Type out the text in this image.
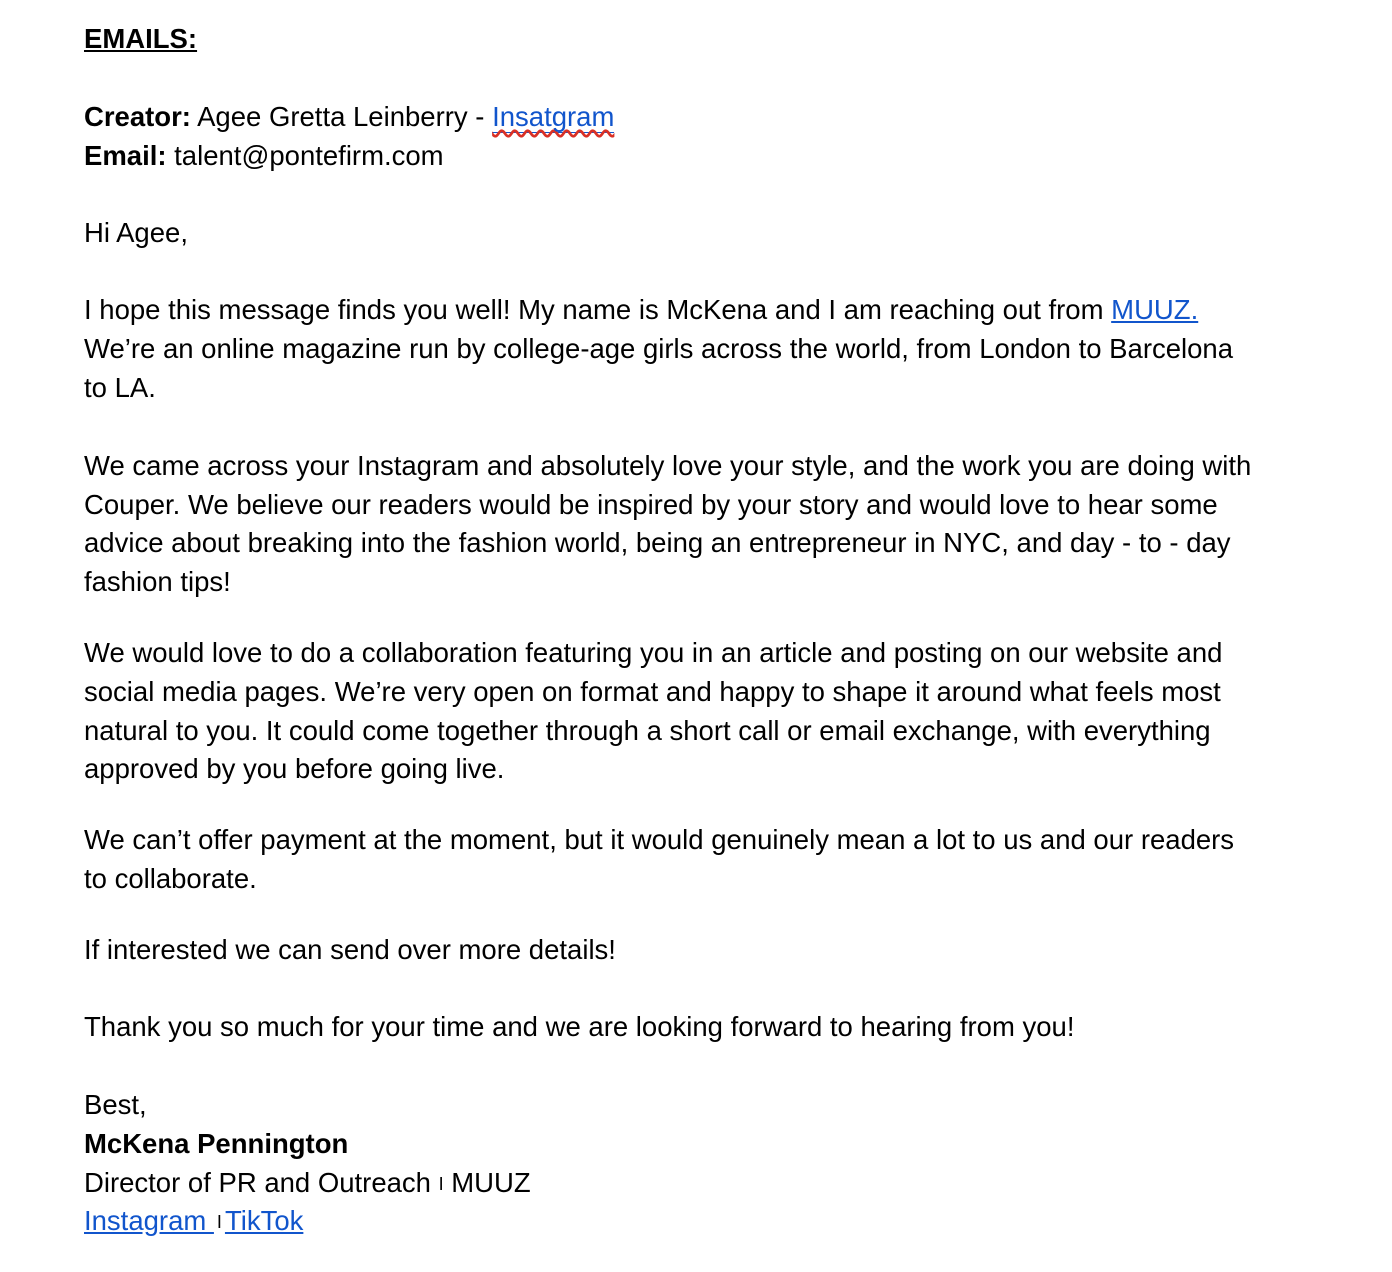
EMAILS:
Creator: Agee Gretta Leinberry - Insatgram
Email: talent@pontefirm.com
Hi Agee,
I hope this message finds you well! My name is McKena and I am reaching out from MUUZ.
We’re an online magazine run by college-age girls across the world, from London to Barcelona
to LA.
We came across your Instagram and absolutely love your style, and the work you are doing with
Couper. We believe our readers would be inspired by your story and would love to hear some
advice about breaking into the fashion world, being an entrepreneur in NYC, and day - to - day
fashion tips!
We would love to do a collaboration featuring you in an article and posting on our website and
social media pages. We’re very open on format and happy to shape it around what feels most
natural to you. It could come together through a short call or email exchange, with everything
approved by you before going live.
We can’t offer payment at the moment, but it would genuinely mean a lot to us and our readers
to collaborate.
If interested we can send over more details!
Thank you so much for your time and we are looking forward to hearing from you!
Best,
McKena Pennington
Director of PR and Outreach I MUUZ
Instagram I TikTok
